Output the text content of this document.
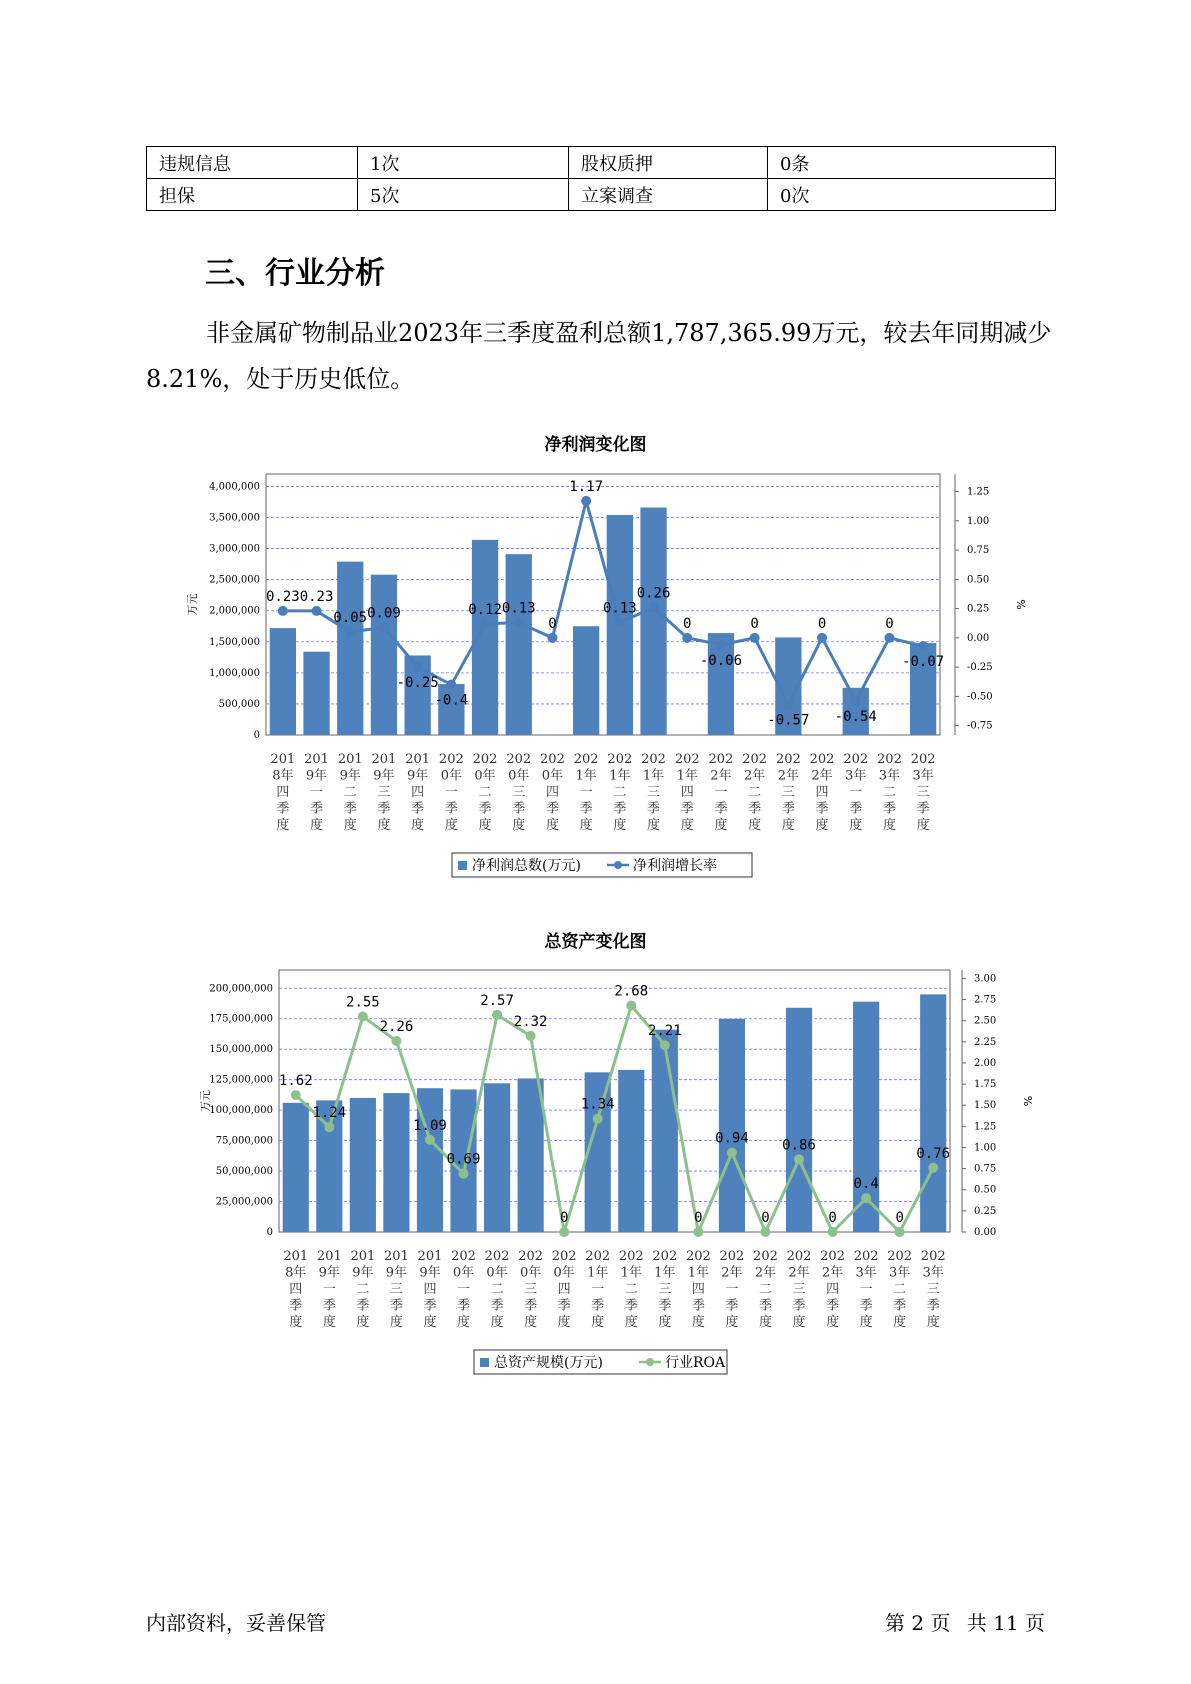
违规信息	1次	股权质押	0条
担保	5次	立案调查	0次
三、行业分析

非金属矿物制品业2023年三季度盈利总额1,787,365.99万元，较去年同期减少8.21%，处于历史低位。

净利润变化图
4,000,000
3,500,000
3,000,000
2,500,000
2,000,000
1,500,000
1,000,000
500,000
0
1.25
1.00
0.75
0.50
0.25
0.00
-0.25
-0.50
-0.75
万元	%
0.23 0.23
0.05 0.09
-0.25
-0.4
0.12 0.13
0
1.17
0.13
0.26
0
-0.06
0
-0.57
0
-0.54
0
-0.07
201
8年
四
季
度
201
9年
一
季
度
201
9年
二
季
度
201
9年
三
季
度
201
9年
四
季
度
202
0年
一
季
度
202
0年
二
季
度
202
0年
三
季
度
202
0年
四
季
度
202
1年
一
季
度
202
1年
二
季
度
202
1年
三
季
度
202
1年
四
季
度
202
2年
一
季
度
202
2年
二
季
度
202
2年
三
季
度
202
2年
四
季
度
202
3年
一
季
度
202
3年
二
季
度
202
3年
三
季
度
净利润总数(万元)	净利润增长率
总资产变化图
200,000,000
175,000,000
150,000,000
125,000,000
100,000,000
75,000,000
50,000,000
25,000,000
0
3.00
2.75
2.50
2.25
2.00
1.75
1.50
1.25
1.00
0.75
0.50
0.25
0.00
万元	%
1.62
1.24
2.55
2.26
1.09
0.69
2.57
2.32
0
1.34
2.68
2.21
0
0.94
0
0.86
0
0.4
0
0.76
201
8年
四
季
度
201
9年
一
季
度
201
9年
二
季
度
201
9年
三
季
度
201
9年
四
季
度
202
0年
一
季
度
202
0年
二
季
度
202
0年
三
季
度
202
0年
四
季
度
202
1年
一
季
度
202
1年
二
季
度
202
1年
三
季
度
202
1年
四
季
度
202
2年
一
季
度
202
2年
二
季
度
202
2年
三
季
度
202
2年
四
季
度
202
3年
一
季
度
202
3年
二
季
度
202
3年
三
季
度
总资产规模(万元)	行业ROA
内部资料，妥善保管	第 2 页 共 11 页
